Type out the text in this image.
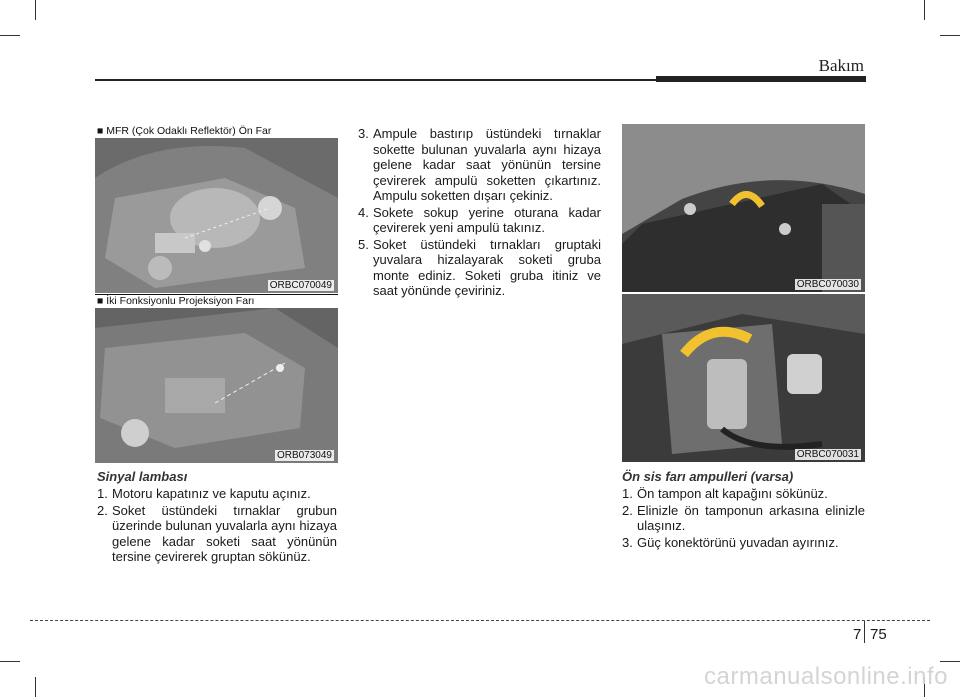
Bakım
■ MFR (Çok Odaklı Reflektör) Ön Far
ORBC070049
■ İki Fonksiyonlu Projeksiyon Farı
ORB073049
Sinyal lambası
1. Motoru kapatınız ve kaputu açınız.
2. Soket üstündeki tırnaklar grubun üzerinde bulunan yuvalarla aynı hizaya gelene kadar soketi saat yönünün tersine çevirerek gruptan sökünüz.
3. Ampule bastırıp üstündeki tırnaklar sokette bulunan yuvalarla aynı hizaya gelene kadar saat yönünün tersine çevirerek ampulü soketten çıkartınız. Ampulu soketten dışarı çekiniz.
4. Sokete sokup yerine oturana kadar çevirerek yeni ampulü takınız.
5. Soket üstündeki tırnakları gruptaki yuvalara hizalayarak soketi gruba monte ediniz. Soketi gruba itiniz ve saat yönünde çeviriniz.	ORBC070030
ORBC070031
Ön sis farı ampulleri (varsa)
1. Ön tampon alt kapağını sökünüz.
2. Elinizle ön tamponun arkasına elinizle ulaşınız.
3. Güç konektörünü yuvadan ayırınız.
7 75
carmanualsonline.info
